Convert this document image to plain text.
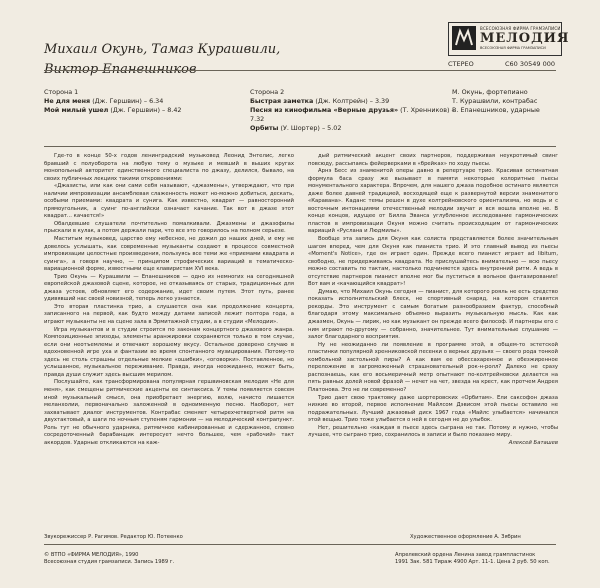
Михаил Окунь, Тамаз Курашвили,
Виктор Епанешников
ВСЕСОЮЗНАЯ ФИРМА ГРАМЗАПИСИ
МЕЛОДИЯ
ВСЕСОЮЗНАЯ ФИРМА ГРАМЗАПИСИ
СТЕРЕО	С60 30549 000
Сторона 1
Не для меня (Дж. Гершвин) – 6.34
Мой милый ушел (Дж. Гершвин) – 8.42
Сторона 2
Быстрая заметка (Дж. Колтрейн) – 3.39
Песня из кинофильма «Верные друзья» (Т. Хренников) – 7.32
Орбиты (У. Шортер) – 5.02
М. Окунь, фортепиано
Т. Курашвили, контрабас
В. Епанешников, ударные

Где-то в конце 50-х годов ленинградский музыковед Леонид Энтелис, легко бравший с полуоборота на любую тему о музыке и мевший в выших кругах монопольный авторитет единственного специалиста по джазу, делился, бывало, на своих публичных лекциях такими откровениями:

«Джазисты, или как они сами себя называют, «джазмены», утверждают, что при наличии импровизации ансамблевая слаженность может но-можно добиться, дескать, особыми приемами: квадрата и сунига. Как известно, квадрат — равносторонний прямоугольник, а суинг по-английски означает качание. Так вот в джазе этот квадрат... качается!»

Обалдевшие слушатели почтительно помалкивали. Джазмены и джазофилы прыскали в кулак, а потом держали пари, что все это говорилось на полном серьезе.

Маститым музыковед, царство ему небесное, не дожил до наших дней, и ему не довелось услышать, как современные музыканты создают в процессе совместной импровизации целостные произведения, пользуясь все теми же «приемами квадрата и суинга», а говоря научно, — принципом строфических вариаций в тематическо-вариационной форме, известными еще клавиристам XVI века.

Трио Окунь — Курашвили — Епанешников — одно из немногих на сегодняшней европейской джазовой сцене, которое, не отказываясь от старых, традиционных для джаза устоев, обновляет его содержание, идет своим путем. Этот путь, ранее удивявший нас своей новизной, теперь легко узнается.

Это вторая пластинка трио, а слушается она как продолжение концерта, записанного на первой, как будто между датами записей лежит полтора года, а играют музыканты не на сцене зала в Эрмитажной студии, а в студии «Мелодии».

Игра музыкантов и в студии строится по законам концертного джазового жанра. Композиционные эпизоды, элементы аранжировки сохраняются только в том случае, если они неотъемлемы и отвечают хорошему вкусу. Остальное доверено случаю в вдохновенной игре уха и фантазии во время спонтанного музицирования. Потому-то здесь не столь страшны отдельные мелкие «ошибки», «оговорки». Поставленное, но услышанное, музыкальное переживание. Правда, иногда неожиданно, может быть, правда души служит здесь высшим мерилом.

Послушайте, как трансформирована популярная гершвиновская мелодия «Не для меня», как смещены ритмические акценты ее синтаксиса. У темы появляется совсем иной музыкальный смысл, она приобретает энергию, волю, начисто лишается меланхолии, первоначально заложенной в одноименную песню. Наоборот, нет захватывает диалог инструментов. Контрабас сменяет четырехчетвертной ритм на двухтактовый, а шаги по ночным ступеням гармонии — на мелодический контрапункт. Роль тут не обычного ударника, ритмичное кабинированные и сдержанное, словно сосредоточенный барабанщик интересует нечто большее, чем «рабочий» такт аккордов. Ударные откликаются на каж-

дый ритмический акцент своих партнеров, поддерживая неукротимый свинг повсюду, рассыпаясь фейерверками в «брейках» по ходу пьесы.

Арнэ Бесс из знаменитой оперы давно в репертуаре трио. Красивая остинатная формула баса сразу же вызывает в памяти некоторые колоритные пьесы монументального характера. Впрочем, для нашего джаза подобное остинато является даже более давней традицией, восходящей еще к развернутой версии знаменитого «Каравана». Каданс темы решен в духе колтрейновского ориентализма, но ведь и с восточным интонациями отечественный мелодии звучат и вся вошла вполне не. В конце концов, идущее от Билла Эванса углубленное исследование гармонических пластов в импровизации Окуня можно считать происходящим от гармонических вариаций «Руслана и Людмилы».

Вообще эта запись для Окуня как солиста представляется более значительным шагом вперед, чем для Окуня как пианиста трио. И это главный вывод из пьесы «Moment's Notice», где он играет один. Прежде всего пианист играет ad libitum, свободно, не придерживаясь квадрата. Но прислушайтесь внимательно — всю пьесу можно составить по тактам, настолько подчиняется здесь внутренний ритм. А ведь в отсутствие партнеров пианист вполне мог бы пуститься в вольное фантазирование! Вот вам и «качающийся квадрат»!

Думаю, что Михаил Окунь сегодня — пианист, для которого рояль не есть средство показать исполнительский блеск, не спортивный снаряд, на котором ставятся рекорды. Это инструмент с самым богатым разнообразием фактур, способный благодаря этому максимально объемно выразить музыкальную мысль. Как как джазмен, Окунь — лирик, но как музыкант он прежде всего философ. И партнеры его с ним играют по-другому — собранно, значительнее. Тут внимательные слушание — залог благодарного восприятия.

Ну не неожиданно ли появление в программе этой, в общем-то эстетской пластинки популярной хренниковской песенки о верных друзьях — своего рода тонкой комбольной застольной пиры? А как вам ее обессахаренное и обезжиренное переложение в загроможенный страшновательный рок-н-ролл? Далеко не сразу распознаешь, как его восьмеричный метр опытнают по-колтрейновски делается на пять равных долей новой фразой — нечет на чет, звезда на крест, как протчем Андрея Платонова. Это не ли современно?

Трио дает свою трактовку даже шортеровских «Орбитам». Ели саксофон джаза низкие во второй, первое исполнение Майлсом Дэвисом этой пьесы оставило не подражательных. Лучший джазовый диск 1967 года «Майлс улыбается» начинался этой вещью. Трио тоже улыбается о ней в сегодня не до улыбок.

Нет, решительно «каждая в пьесе здесь сыграна не так. Потому и нужно, чтобы лучшее, что сыграно трио, сохранилось в записи и было показано миру.

Алексей Баташев
Звукорежиссер Р. Рагимов. Редактор Ю. Потеенко	Художественное оформление А. Зябрин
© ВТПО «ФИРМА МЕЛОДИЯ», 1990
Всесоюзная студия грамзаписи. Запись 1989 г.
Апрелевский ордена Ленина завод грампластинок
1991 Зак. 581 Тираж 4900 Арт. 11-1. Цена 2 руб. 50 коп.
